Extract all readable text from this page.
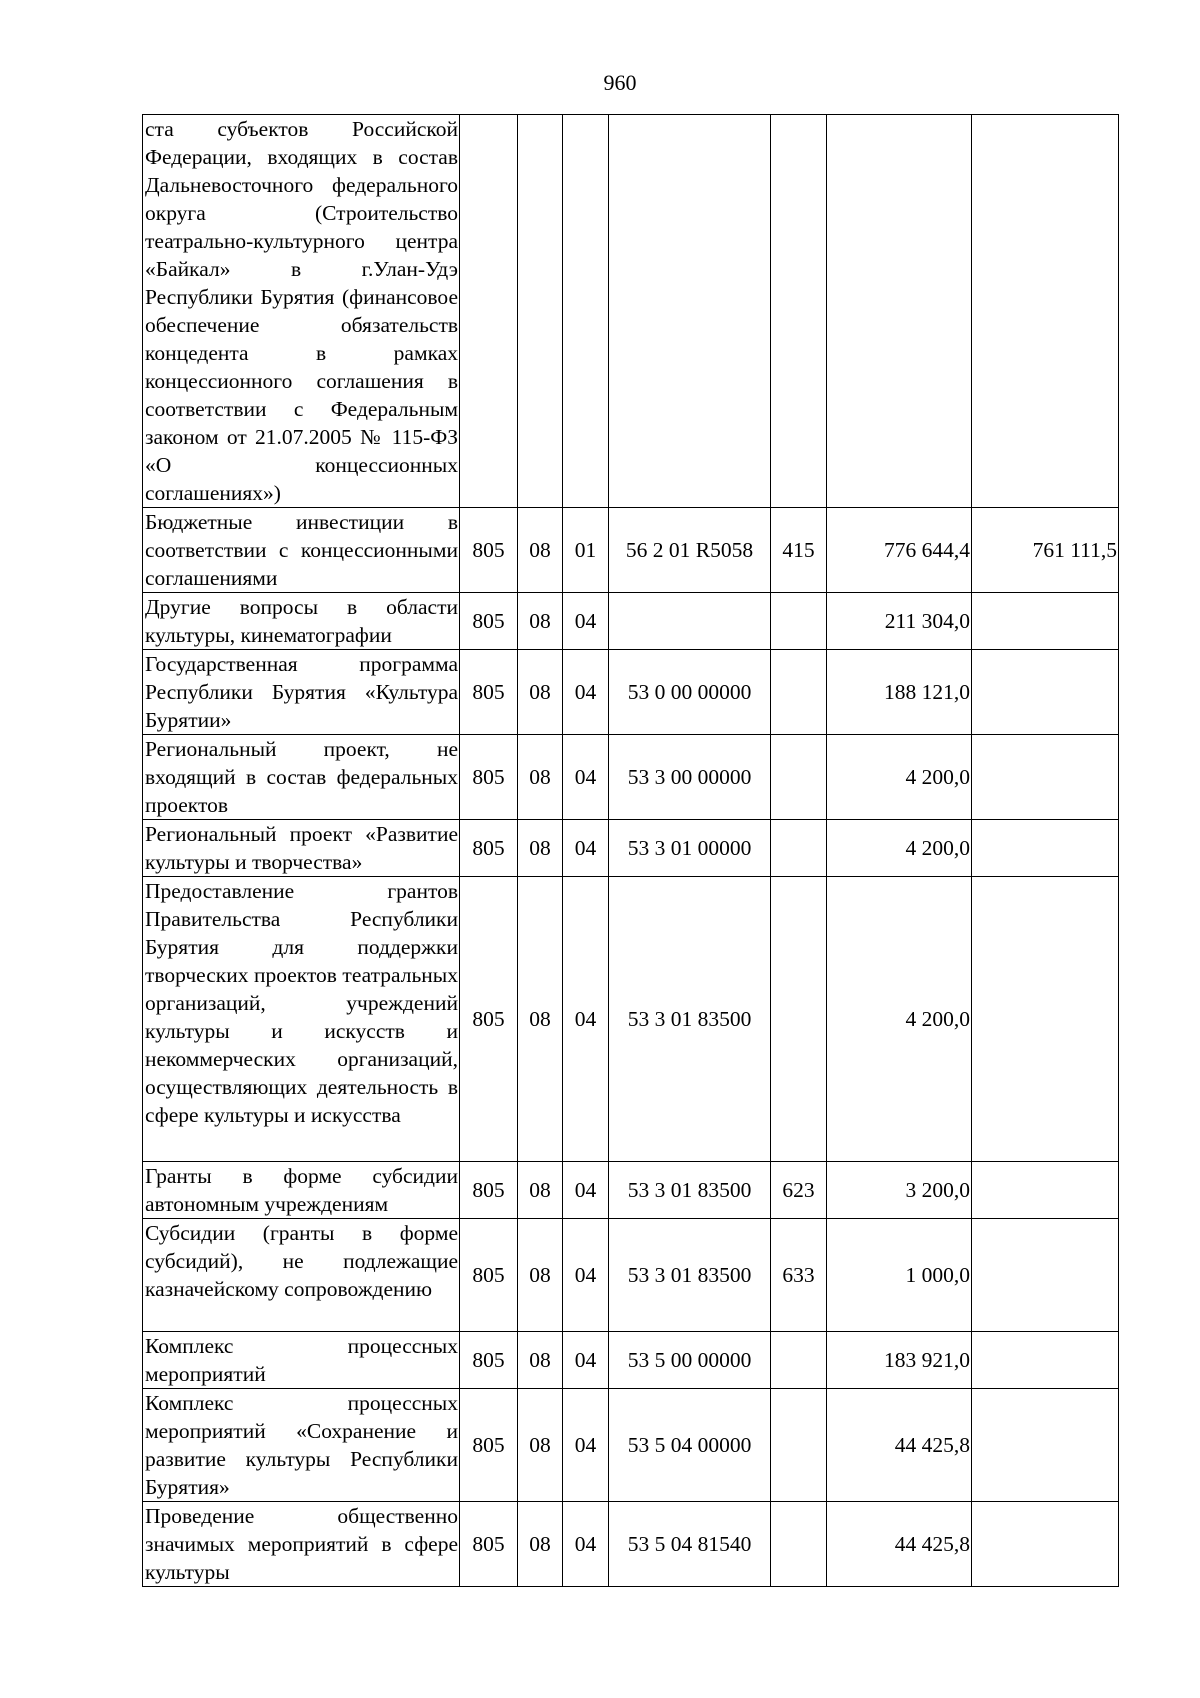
960
ста субъектов Российской Федерации, входящих в состав Дальневосточного федерального округа (Строительство театрально-культурного центра «Байкал» в г.Улан-Удэ Республики Бурятия (финансовое обеспечение обязательств концедента в рамках концессионного соглашения в соответствии с Федеральным законом от 21.07.2005 № 115-ФЗ «О концессионных соглашениях»)							
Бюджетные инвестиции в соответствии с концессионными соглашениями	805	08	01	56 2 01 R5058	415	776 644,4	761 111,5
Другие вопросы в области культуры, кинематографии	805	08	04			211 304,0	
Государственная программа Республики Бурятия «Культура Бурятии»	805	08	04	53 0 00 00000		188 121,0	
Региональный проект, не входящий в состав федеральных проектов	805	08	04	53 3 00 00000		4 200,0	
Региональный проект «Развитие культуры и творчества»	805	08	04	53 3 01 00000		4 200,0	
Предоставление грантов Правительства Республики Бурятия для поддержки творческих проектов театральных организаций, учреждений культуры и искусств и некоммерческих организаций, осуществляющих деятельность в сфере культуры и искусства	805	08	04	53 3 01 83500		4 200,0	
Гранты в форме субсидии автономным учреждениям	805	08	04	53 3 01 83500	623	3 200,0	
Субсидии (гранты в форме субсидий), не подлежащие казначейскому сопровождению	805	08	04	53 3 01 83500	633	1 000,0	
Комплекс процессных мероприятий	805	08	04	53 5 00 00000		183 921,0	
Комплекс процессных мероприятий «Сохранение и развитие культуры Республики Бурятия»	805	08	04	53 5 04 00000		44 425,8	
Проведение общественно значимых мероприятий в сфере культуры	805	08	04	53 5 04 81540		44 425,8	
